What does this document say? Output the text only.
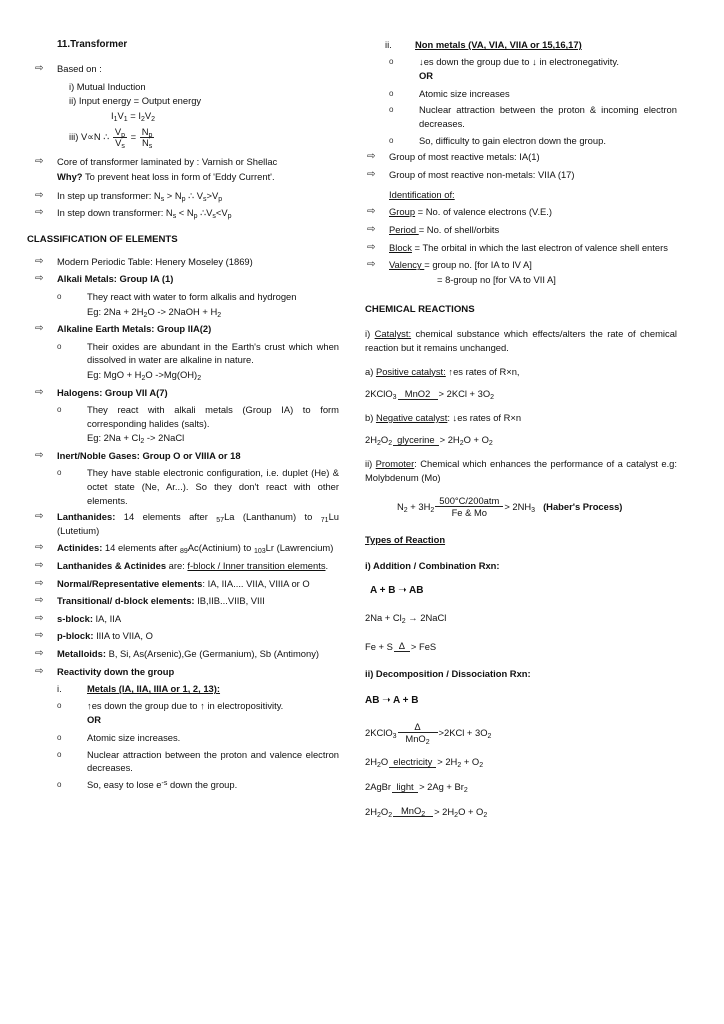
11.Transformer
⇨	Based on :
i) Mutual Induction
ii) Input energy = Output energy
$I_1V_1 = I_2V_2$
iii) V∝N ∴ $\frac{V_p}{V_s} = \frac{N_p}{N_s}$
⇨	Core of transformer laminated by : Varnish or Shellac
Why? To prevent heat loss in form of 'Eddy Current'.
⇨	In step up transformer: $N_s > N_p$ ∴ $V_s>V_p$
⇨	In step down transformer: $N_s < N_p$ $\therefore V_s<V_p$
CLASSIFICATION OF ELEMENTS
⇨	Modern Periodic Table: Henery Moseley (1869)
⇨	Alkali Metals: Group IA (1)
o	They react with water to form alkalis and hydrogen
Eg: $2Na + 2H_2O$ -> 2NaOH + $H_2$
⇨	Alkaline Earth Metals: Group IIA(2)
o	Their oxides are abundant in the Earth's crust which when dissolved in water are alkaline in nature.
Eg: MgO + $H_2O$ $->Mg(OH)_2$
⇨	Halogens: Group VII A(7)
o	They react with alkali metals (Group IA) to form corresponding halides (salts).
Eg: $2Na + Cl_2$ -> 2NaCl
⇨	Inert/Noble Gases: Group O or VIIIA or 18
o	They have stable electronic configuration, i.e. duplet (He) & octet state (Ne, Ar...). So they don't react with other elements.
⇨	Lanthanides: 14 elements after $_{57}$La (Lanthanum) to $_{71}$Lu (Lutetium)
⇨	Actinides: 14 elements after $_{89}$Ac(Actinium) to $_{103}$Lr (Lawrencium)
⇨	Lanthanides & Actinides are: f-block / Inner transition elements.
⇨	Normal/Representative elements: IA, IIA.... VIIA, VIIIA or O
⇨	Transitional/ d-block elements: IB,IIB...VIIB, VIII
⇨	s-block: IA, IIA
⇨	p-block: IIIA to VIIA, O
⇨	Metalloids: B, Si, As(Arsenic),Ge (Germanium), Sb (Antimony)
⇨	Reactivity down the group
i.	Metals (IA, IIA, IIIA or 1, 2, 13):
o	↑es down the group due to ↑ in electropositivity.
OR
o	Atomic size increases.
o	Nuclear attraction between the proton and valence electron decreases.
o	So, easy to lose $e^{-s}$ down the group.
ii.	Non metals (VA, VIA, VIIA or 15,16,17)
o	↓es down the group due to ↓ in electronegativity.
OR
o	Atomic size increases
o	Nuclear attraction between the proton & incoming electron decreases.
o	So, difficulty to gain electron down the group.
⇨	Group of most reactive metals: IA(1)
⇨	Group of most reactive non-metals: VIIA (17)
Identification of:
⇨	Group = No. of valence electrons (V.E.)
⇨	Period = No. of shell/orbits
⇨	Block = The orbital in which the last electron of valence shell enters
⇨	Valency = group no. [for IA to IV A]
= 8-group no [for VA to VII A]
CHEMICAL REACTIONS
i) Catalyst: chemical substance which effects/alters the rate of chemical reaction but it remains unchanged.
a) Positive catalyst: ↑es rates of R×n,
2KClO$_3$ $MnO2 > 2KCl + 3O_2$
b) Negative catalyst: ↓es rates of R×n
$2H_2O_2$ glycerine > $2H_2O + O_2$
ii) Promoter: Chemical which enhances the performance of a catalyst e.g: Molybdenum (Mo)
$N_2 + 3H_2$
500°C/200atm
Fe & Mo
> $2NH_3$ (Haber's Process)
Types of Reaction
i) Addition / Combination Rxn:
A + B ➝ AB
$2Na + Cl_2$ → 2NaCl
Fe + S Δ > FeS
ii) Decomposition / Dissociation Rxn:
AB ➝ A + B
2KClO$_3$
Δ
MnO$_2$
$>2KCl + 3O_2$
$2H_2O$ electricity > $2H_2 + O_2$
2AgBr light > $2Ag + Br_2$
$2H_2O_2$ $MnO_2 > 2H_2O + O_2$
